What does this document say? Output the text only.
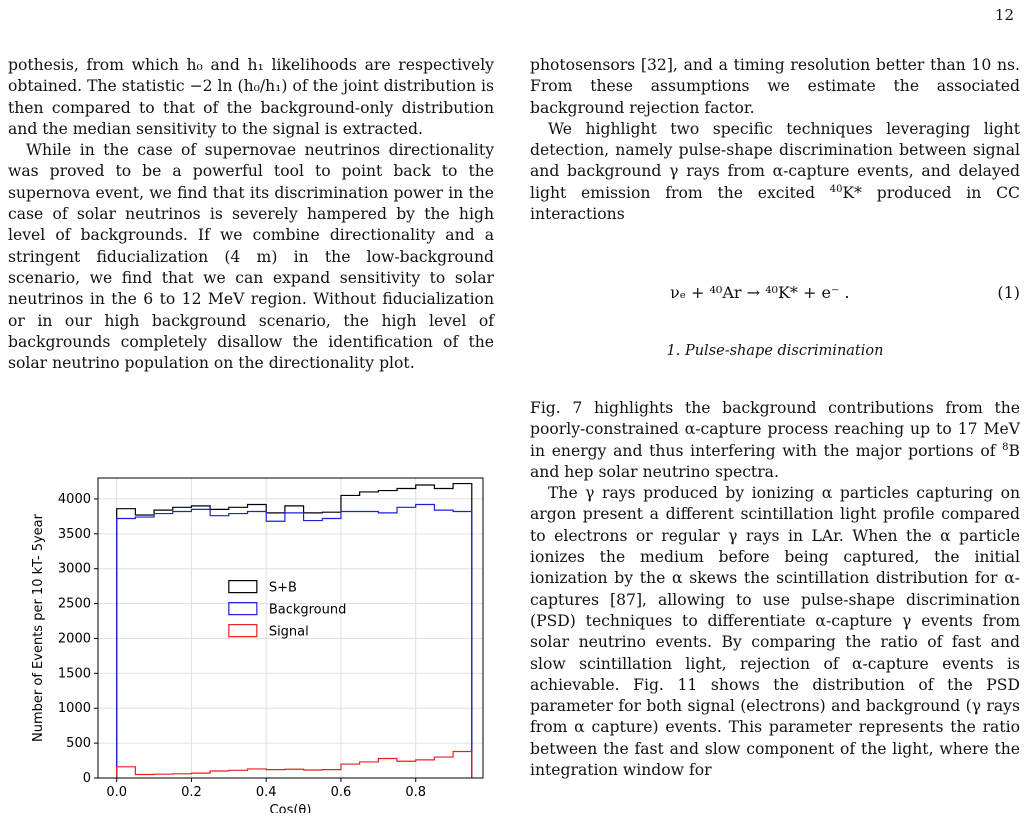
12

pothesis, from which h₀ and h₁ likelihoods are respectively obtained. The statistic −2 ln (h₀/h₁) of the joint distribution is then compared to that of the background-only distribution and the median sensitivity to the signal is extracted.

While in the case of supernovae neutrinos directionality was proved to be a powerful tool to point back to the supernova event, we find that its discrimination power in the case of solar neutrinos is severely hampered by the high level of backgrounds. If we combine directionality and a stringent fiducialization (4 m) in the low-background scenario, we find that we can expand sensitivity to solar neutrinos in the 6 to 12 MeV region. Without fiducialization or in our high background scenario, the high level of backgrounds completely disallow the identification of the solar neutrino population on the directionality plot.

photosensors [32], and a timing resolution better than 10 ns. From these assumptions we estimate the associated background rejection factor.

We highlight two specific techniques leveraging light detection, namely pulse-shape discrimination between signal and background γ rays from α-capture events, and delayed light emission from the excited $^{40}$K* produced in CC interactions

νₑ + ⁴⁰Ar → ⁴⁰K* + e⁻ .	(1)
1. Pulse-shape discrimination

Fig. 7 highlights the background contributions from the poorly-constrained α-capture process reaching up to 17 MeV in energy and thus interfering with the major portions of $^8$B and hep solar neutrino spectra.

The γ rays produced by ionizing α particles capturing on argon present a different scintillation light profile compared to electrons or regular γ rays in LAr. When the α particle ionizes the medium before being captured, the initial ionization by the α skews the scintillation distribution for α-captures [87], allowing to use pulse-shape discrimination (PSD) techniques to differentiate α-capture γ events from solar neutrino events. By comparing the ratio of fast and slow scintillation light, rejection of α-capture events is achievable. Fig. 11 shows the distribution of the PSD parameter for both signal (electrons) and background (γ rays from α capture) events. This parameter represents the ratio between the fast and slow component of the light, where the integration window for

0.0	0.2	0.4	0.6	0.8
0
500
1000
1500
2000
2500
3000
3500
4000
Cos(θ)
Number of Events per 10 kT- 5year	S+B
Background
Signal
